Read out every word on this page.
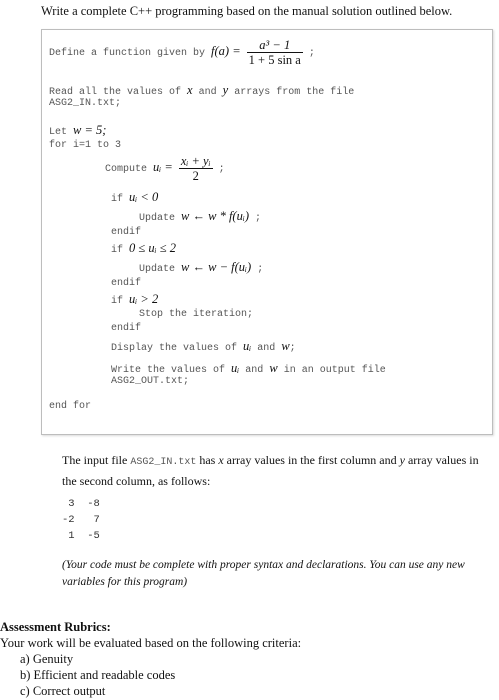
Write a complete C++ programming based on the manual solution outlined below.
Define a function given by $f(a) = \frac{\text{a³ − 1}}{\text{1 + 5 sin a}}$ ;
Read all the values of x and y arrays from the file
ASG2_IN.txt;
Let w = 5;
for i=1 to 3
Compute uᵢ = $\frac{\text{xᵢ + yᵢ}}{2}$ ;
if uᵢ < 0
Update w ← w * f(uᵢ) ;
endif
if 0 ≤ uᵢ ≤ 2
Update w ← w − f(uᵢ) ;
endif
if uᵢ > 2
Stop the iteration;
endif
Display the values of uᵢ and w;
Write the values of uᵢ and w in an output file
ASG2_OUT.txt;
end for
The input file ASG2_IN.txt has x array values in the first column and y array values in the second column, as follows:
3  -8
-2   7
1  -5
(Your code must be complete with proper syntax and declarations. You can use any new variables for this program)
Assessment Rubrics:
Your work will be evaluated based on the following criteria:
a) Genuity
b) Efficient and readable codes
c) Correct output
